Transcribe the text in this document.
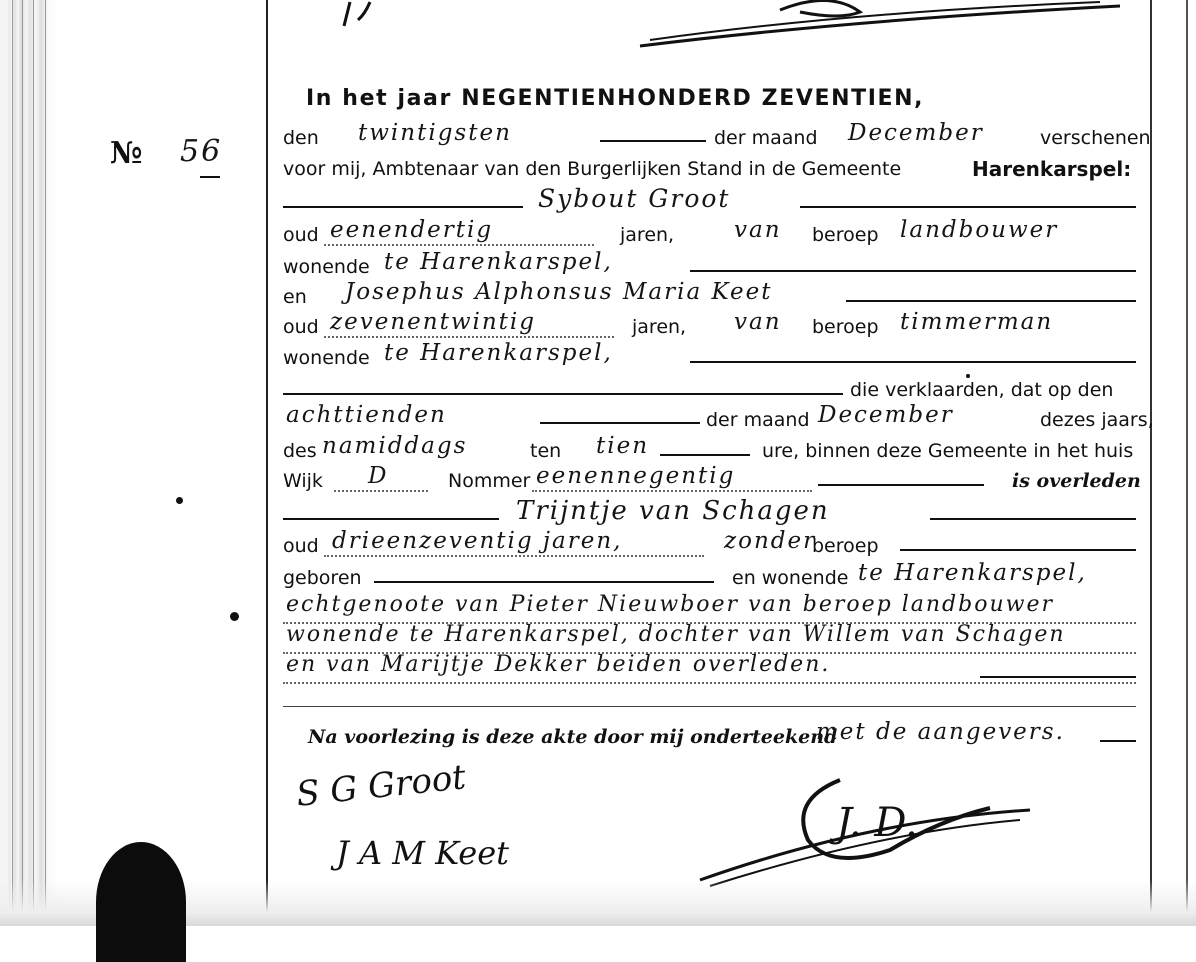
In het jaar NEGENTIENHONDERD ZEVENTIEN,
№ 56	den twintigsten	der maand December	verschenen
voor mij, Ambtenaar van den Burgerlijken Stand in de Gemeente	Harenkarspel:
Sybout Groot
oud eenendertig	jaren,	van beroep landbouwer
wonende te Harenkarspel,
en Josephus Alphonsus Maria Keet
oud zevenentwintig	jaren, van beroep timmerman
wonende te Harenkarspel,
die verklaarden, dat op den
achttienden	der maand December	dezes jaars,
des namiddags	ten tien	ure, binnen deze Gemeente in het huis
Wijk D	Nommer eenennegentig	is overleden
Trijntje van Schagen
oud drieenzeventig jaren,	zonder
beroep
geboren	en wonende te Harenkarspel,
echtgenoote van Pieter Nieuwboer van beroep landbouwer
wonende te Harenkarspel, dochter van Willem van Schagen
en van Marijtje Dekker beiden overleden.
Na voorlezing is deze akte door mij onderteekend
met de aangevers.
S G Groot
J A M Keet
J. D.
